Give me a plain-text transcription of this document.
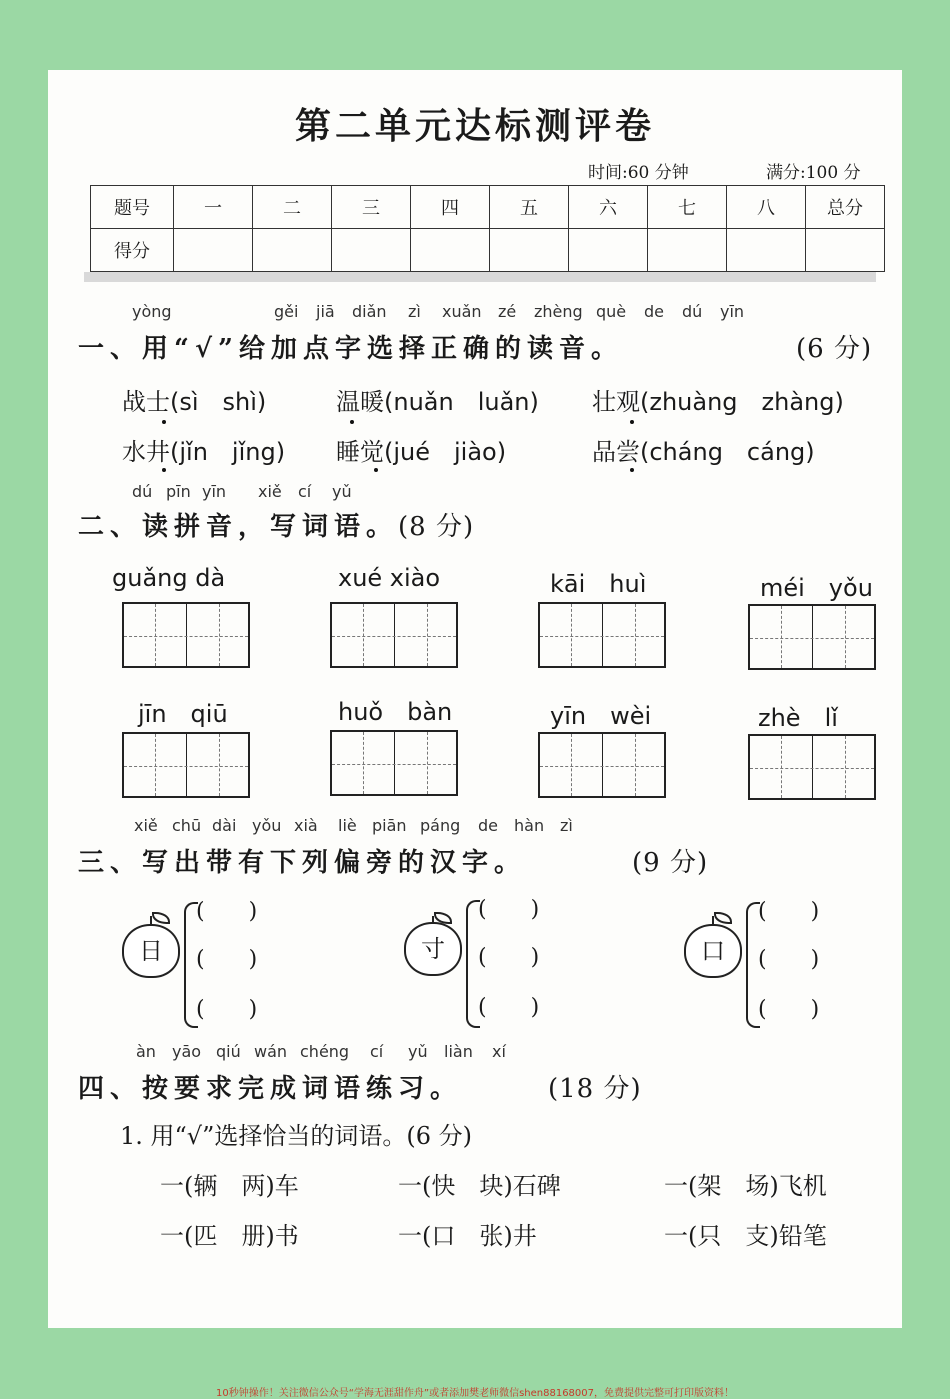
第二单元达标测评卷
时间:60 分钟	满分:100 分
题号	一	二	三	四	五	六	七	八	总分
得分									
yòng	gěi jiā diǎn zì xuǎn zé zhèng què de dú yīn
一、用“√”给加点字选择正确的读音。	(6 分)
战士(sì　shì)	温暖(nuǎn　luǎn) 壮观(zhuàng　zhàng)
水井(jǐn　jǐng) 睡觉(jué　jiào)	品尝(cháng　cáng)
dú pīn yīn xiě cí yǔ
二、读拼音，写词语。 (8 分)
guǎng dà	xué xiào	kāi　huì	méi　yǒu
jīn　qiū	huǒ　bàn	yīn　wèi	zhè　lǐ
xiě chū dài yǒu xià liè piān páng de hàn zì
三、写出带有下列偏旁的汉字。	(9 分)
日
(　　)
(　　)
(　　)
寸
(　　)
(　　)
(　　)
口
(　　)
(　　)
(　　)
àn yāo qiú wán chéng cí yǔ liàn xí
四、按要求完成词语练习。	(18 分)
1. 用“√”选择恰当的词语。(6 分)
一(辆　两)车	一(快　块)石碑	一(架　场)飞机
一(匹　册)书	一(口　张)井	一(只　支)铅笔
10秒钟操作！关注微信公众号“学海无涯甜作舟”或者添加樊老师微信shen88168007，免费提供完整可打印版资料！
